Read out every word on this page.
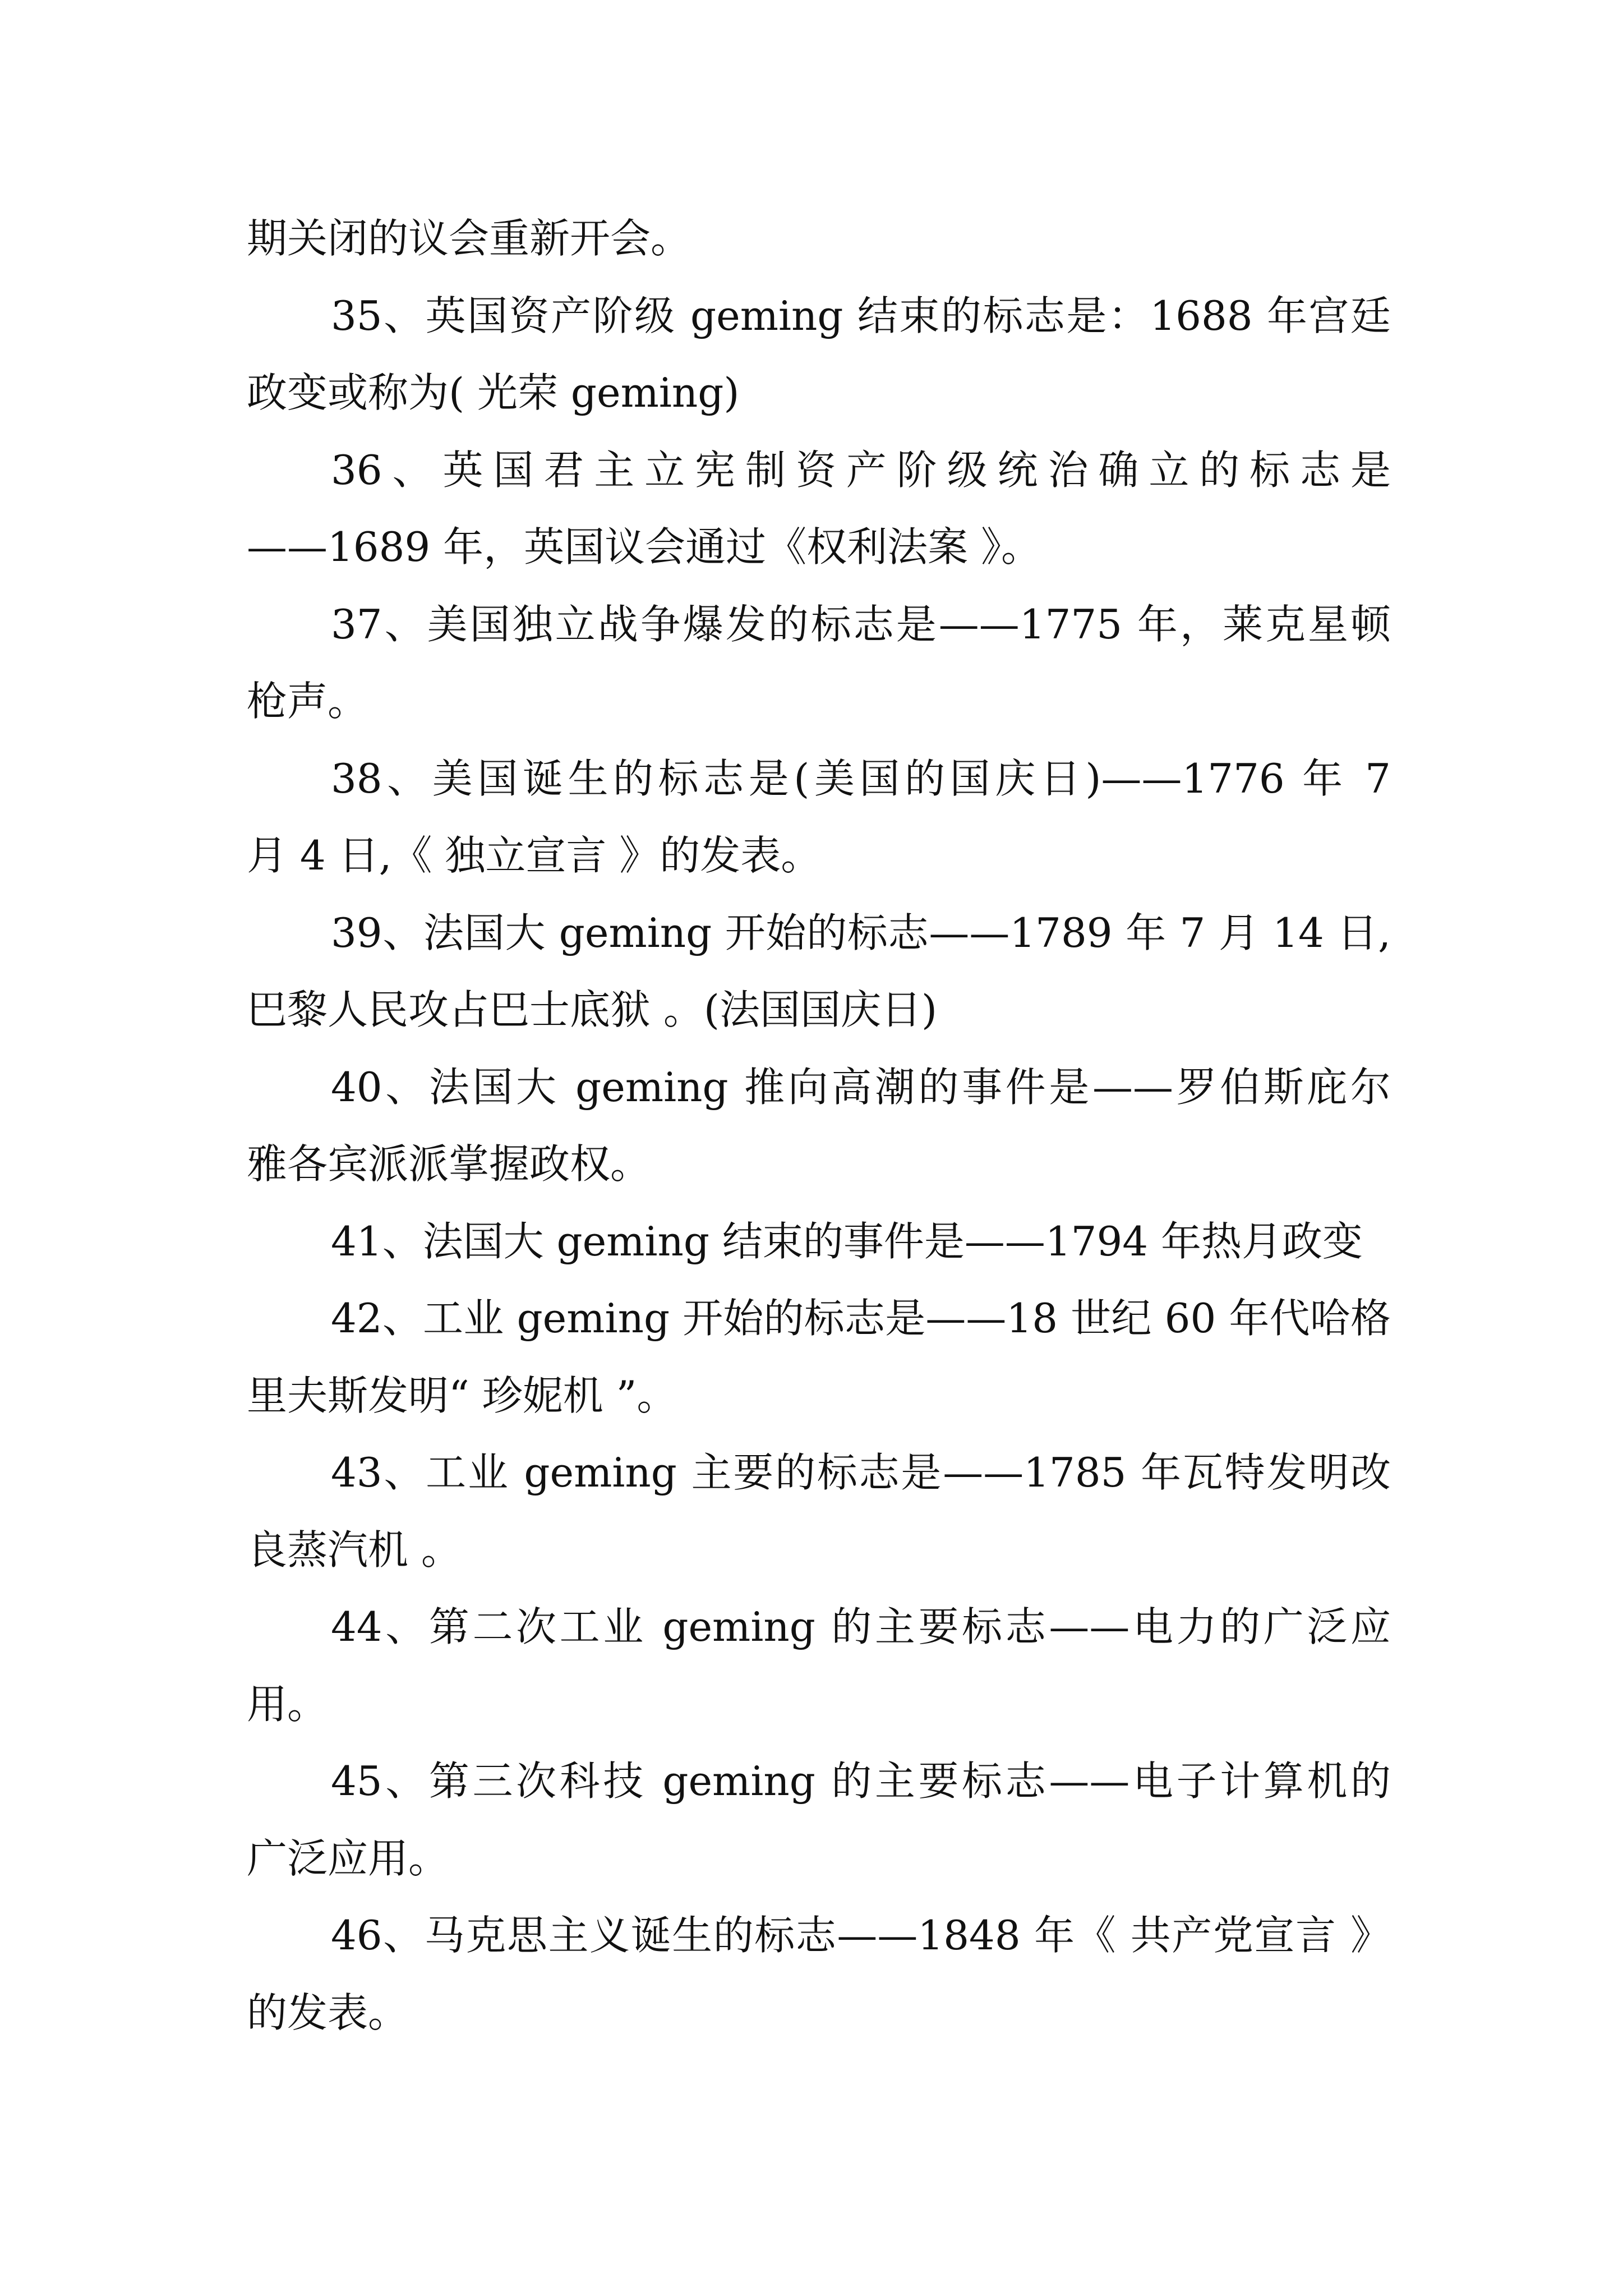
期关闭的议会重新开会。
35、英国资产阶级 geming 结束的标志是：1688 年宫廷
政变或称为( 光荣 geming)
36、英国君主立宪制资产阶级统治确立的标志是
——1689 年，英国议会通过《权利法案 》。
37、美国独立战争爆发的标志是——1775 年，莱克星顿
枪声。
38、美国诞生的标志是(美国的国庆日)——1776 年 7
月 4 日,《 独立宣言 》的发表。
39、法国大 geming 开始的标志——1789 年 7 月 14 日,
巴黎人民攻占巴士底狱 。(法国国庆日)
40、法国大 geming 推向高潮的事件是——罗伯斯庇尔
雅各宾派派掌握政权。
41、法国大 geming 结束的事件是——1794 年热月政变
42、工业 geming 开始的标志是——18 世纪 60 年代哈格
里夫斯发明“ 珍妮机 ”。
43、工业 geming 主要的标志是——1785 年瓦特发明改
良蒸汽机 。
44、第二次工业 geming 的主要标志——电力的广泛应
用。
45、第三次科技 geming 的主要标志——电子计算机的
广泛应用。
46、马克思主义诞生的标志——1848 年《 共产党宣言 》
的发表。
